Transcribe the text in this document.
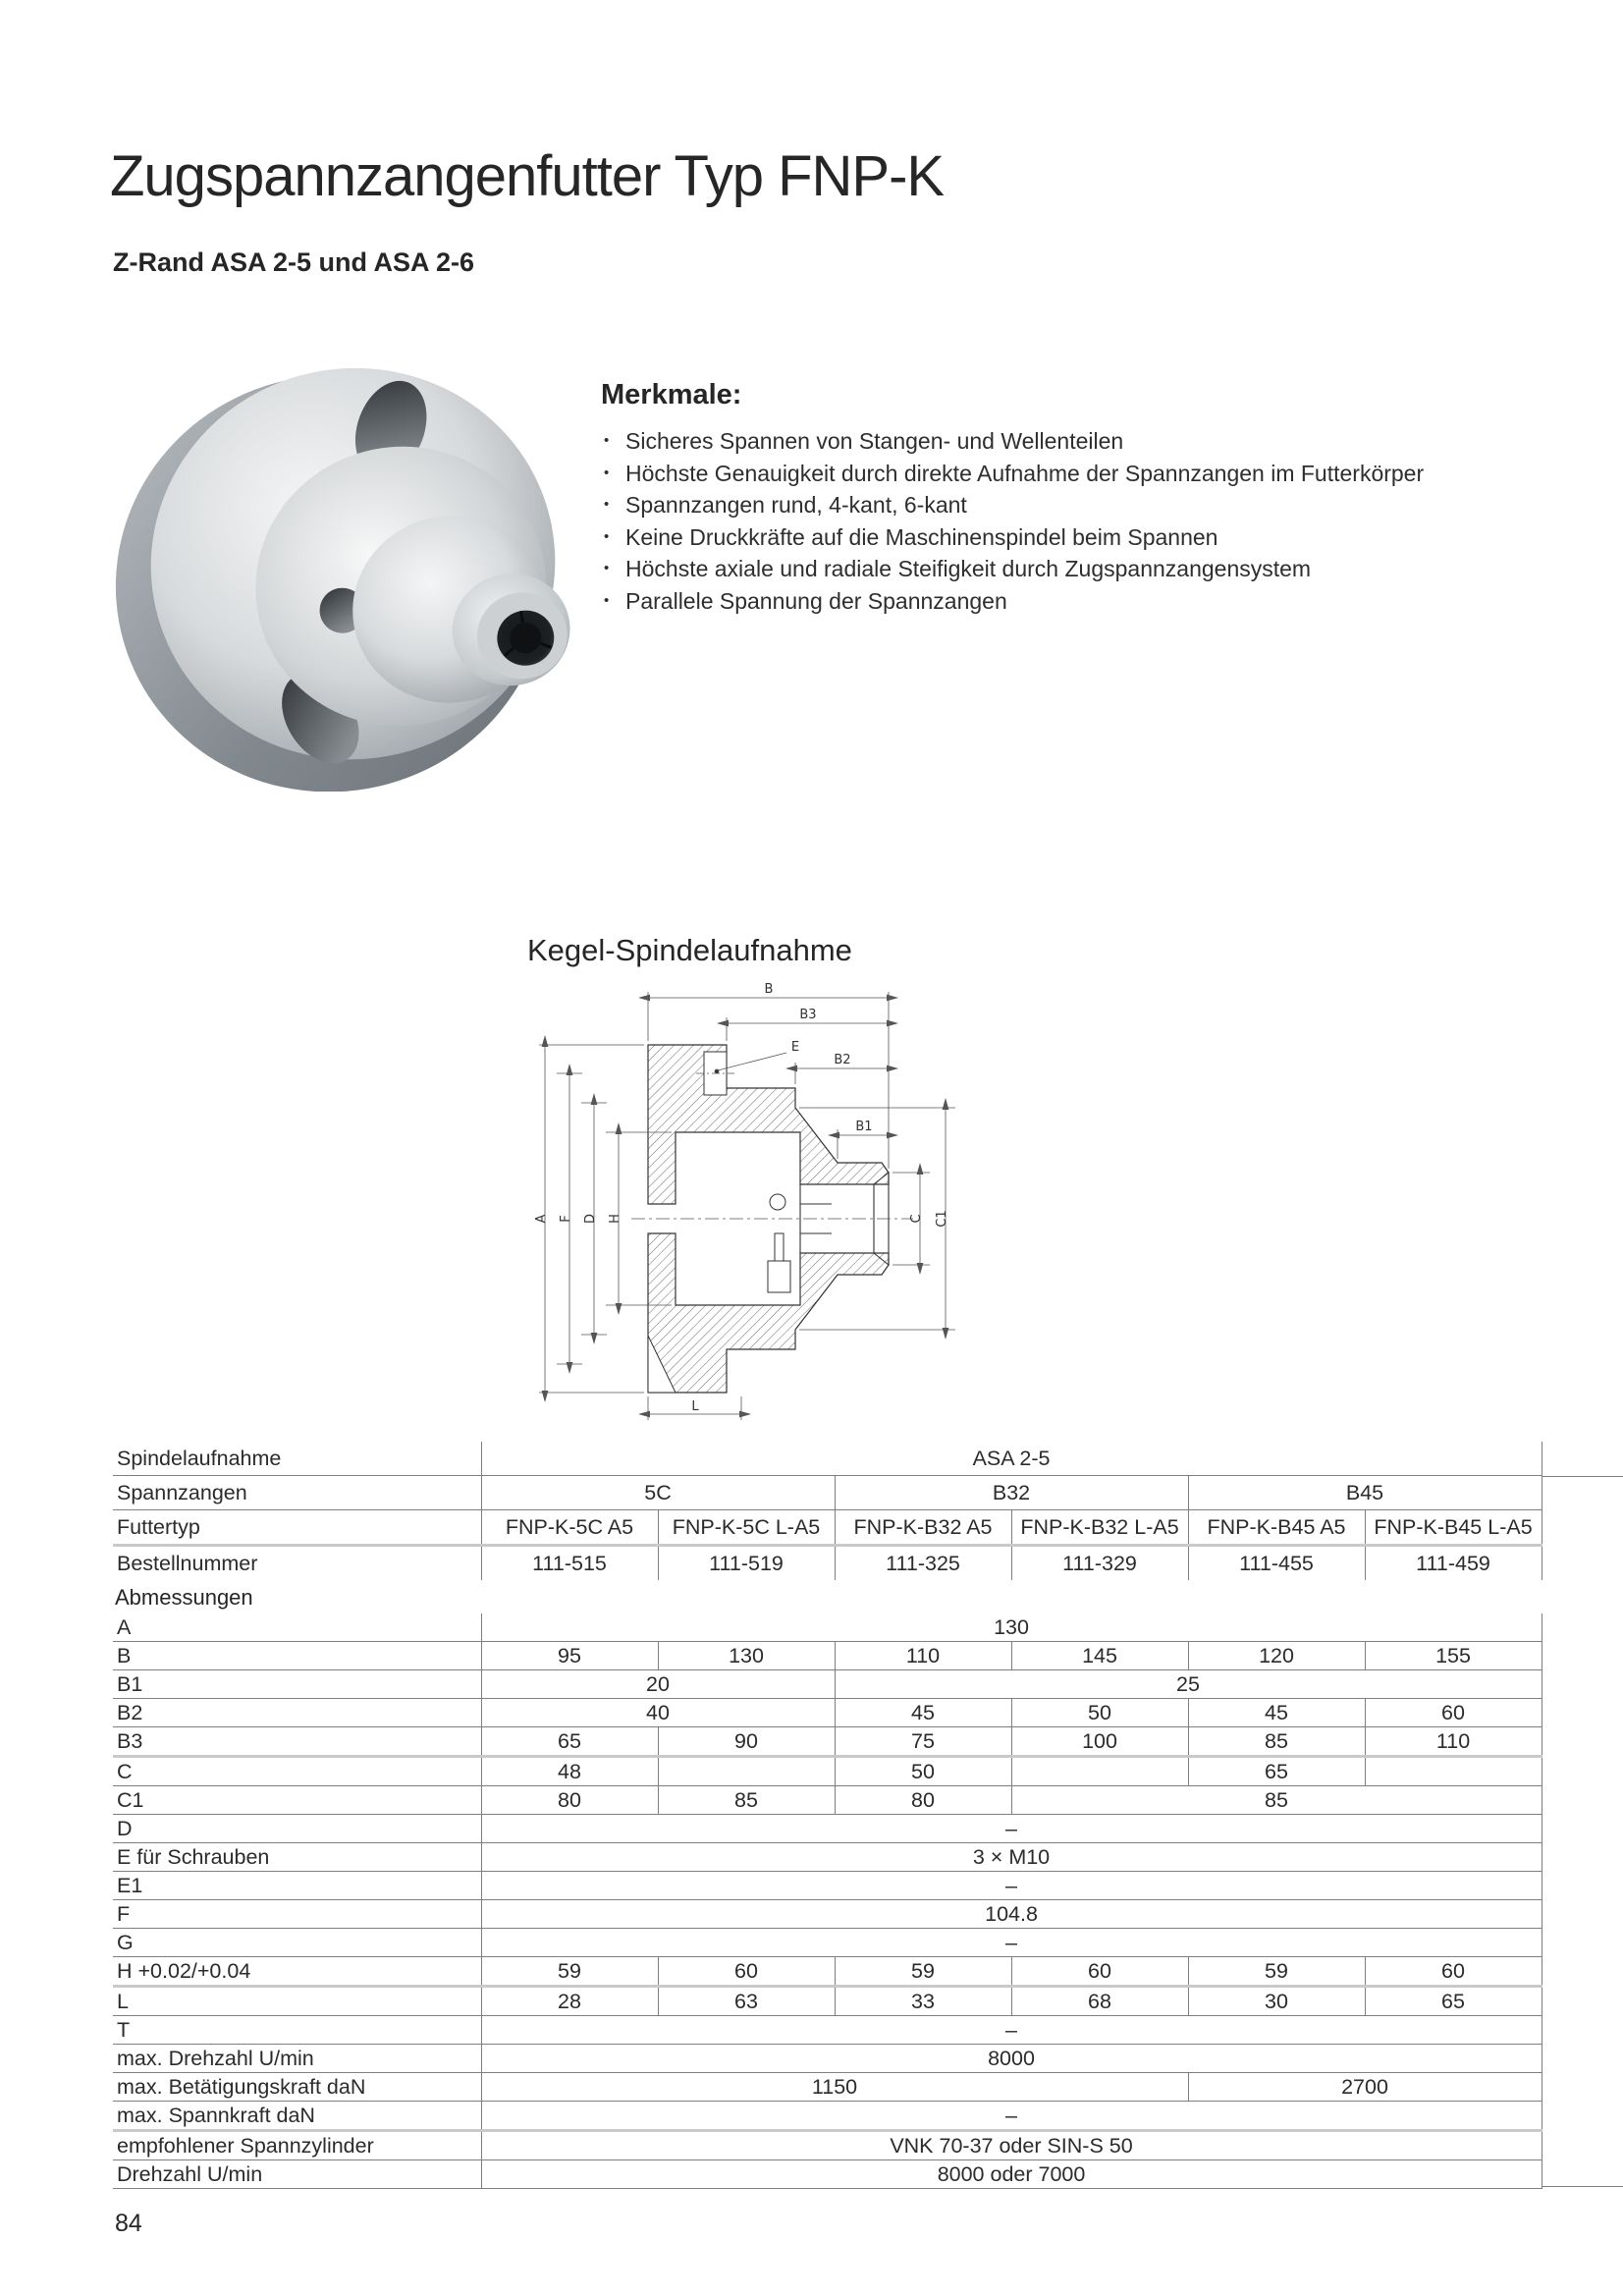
Zugspannzangenfutter Typ FNP-K
Z-Rand ASA 2-5 und ASA 2-6
Merkmale:
• Sicheres Spannen von Stangen- und Wellenteilen
• Höchste Genauigkeit durch direkte Aufnahme der Spannzangen im Futterkörper
• Spannzangen rund, 4-kant, 6-kant
• Keine Druckkräfte auf die Maschinenspindel beim Spannen
• Höchste axiale und radiale Steifigkeit durch Zugspannzangensystem
• Parallele Spannung der Spannzangen
Kegel-Spindelaufnahme
B
B3
B2
B1
E
A F D H	C C1
L
Spindelaufnahme	ASA 2-5					
Spannzangen	5C		B32		B45	
Futtertyp	FNP-K-5C A5	FNP-K-5C L-A5	FNP-K-B32 A5	FNP-K-B32 L-A5	FNP-K-B45 A5	FNP-K-B45 L-A5
Bestellnummer	111-515	111-519	111-325	111-329	111-455	111-459
Abmessungen
A	130					
B	95	130	110	145	120	155
B1	20		25			
B2	40		45	50	45	60
B3	65	90	75	100	85	110
C	48		50		65	
C1	80	85	80	85		
D	–					
E für Schrauben	3 × M10					
E1	–					
F	104.8					
G	–					
H +0.02/+0.04	59	60	59	60	59	60
L	28	63	33	68	30	65
T	–					
max. Drehzahl U/min	8000					
max. Betätigungskraft daN	1150				2700	
max. Spannkraft daN	–					
empfohlener Spannzylinder	VNK 70-37 oder SIN-S 50					
Drehzahl U/min	8000 oder 7000					
84
